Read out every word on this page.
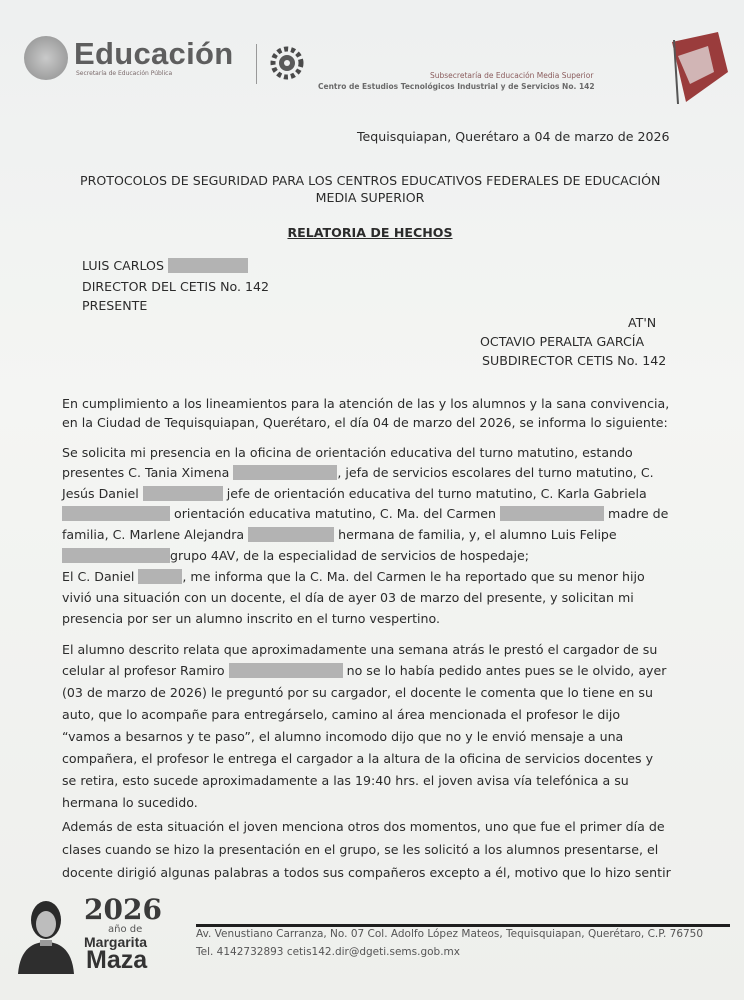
Educación
Secretaría de Educación Pública	Subsecretaría de Educación Media Superior
Centro de Estudios Tecnológicos Industrial y de Servicios No. 142
Tequisquiapan, Querétaro a 04 de marzo de 2026
PROTOCOLOS DE SEGURIDAD PARA LOS CENTROS EDUCATIVOS FEDERALES DE EDUCACIÓN
MEDIA SUPERIOR
RELATORIA DE HECHOS
LUIS CARLOS
DIRECTOR DEL CETIS No. 142
PRESENTE
AT'N
OCTAVIO PERALTA GARCÍA
SUBDIRECTOR CETIS No. 142
En cumplimiento a los lineamientos para la atención de las y los alumnos y la sana convivencia,
en la Ciudad de Tequisquiapan, Querétaro, el día 04 de marzo del 2026, se informa lo siguiente:
Se solicita mi presencia en la oficina de orientación educativa del turno matutino, estando
presentes C. Tania Ximena	, jefa de servicios escolares del turno matutino, C.
Jesús Daniel	jefe de orientación educativa del turno matutino, C. Karla Gabriela
orientación educativa matutino, C. Ma. del Carmen	madre de
familia, C. Marlene Alejandra	hermana de familia, y, el alumno Luis Felipe
grupo 4AV, de la especialidad de servicios de hospedaje;
El C. Daniel	, me informa que la C. Ma. del Carmen le ha reportado que su menor hijo
vivió una situación con un docente, el día de ayer 03 de marzo del presente, y solicitan mi
presencia por ser un alumno inscrito en el turno vespertino.
El alumno descrito relata que aproximadamente una semana atrás le prestó el cargador de su
celular al profesor Ramiro	no se lo había pedido antes pues se le olvido, ayer
(03 de marzo de 2026) le preguntó por su cargador, el docente le comenta que lo tiene en su
auto, que lo acompañe para entregárselo, camino al área mencionada el profesor le dijo
“vamos a besarnos y te paso”, el alumno incomodo dijo que no y le envió mensaje a una
compañera, el profesor le entrega el cargador a la altura de la oficina de servicios docentes y
se retira, esto sucede aproximadamente a las 19:40 hrs. el joven avisa vía telefónica a su
hermana lo sucedido.
Además de esta situación el joven menciona otros dos momentos, uno que fue el primer día de
clases cuando se hizo la presentación en el grupo, se les solicitó a los alumnos presentarse, el
docente dirigió algunas palabras a todos sus compañeros excepto a él, motivo que lo hizo sentir
2026
año de
Margarita
Maza
Av. Venustiano Carranza, No. 07 Col. Adolfo López Mateos, Tequisquiapan, Querétaro, C.P. 76750
Tel. 4142732893 cetis142.dir@dgeti.sems.gob.mx
